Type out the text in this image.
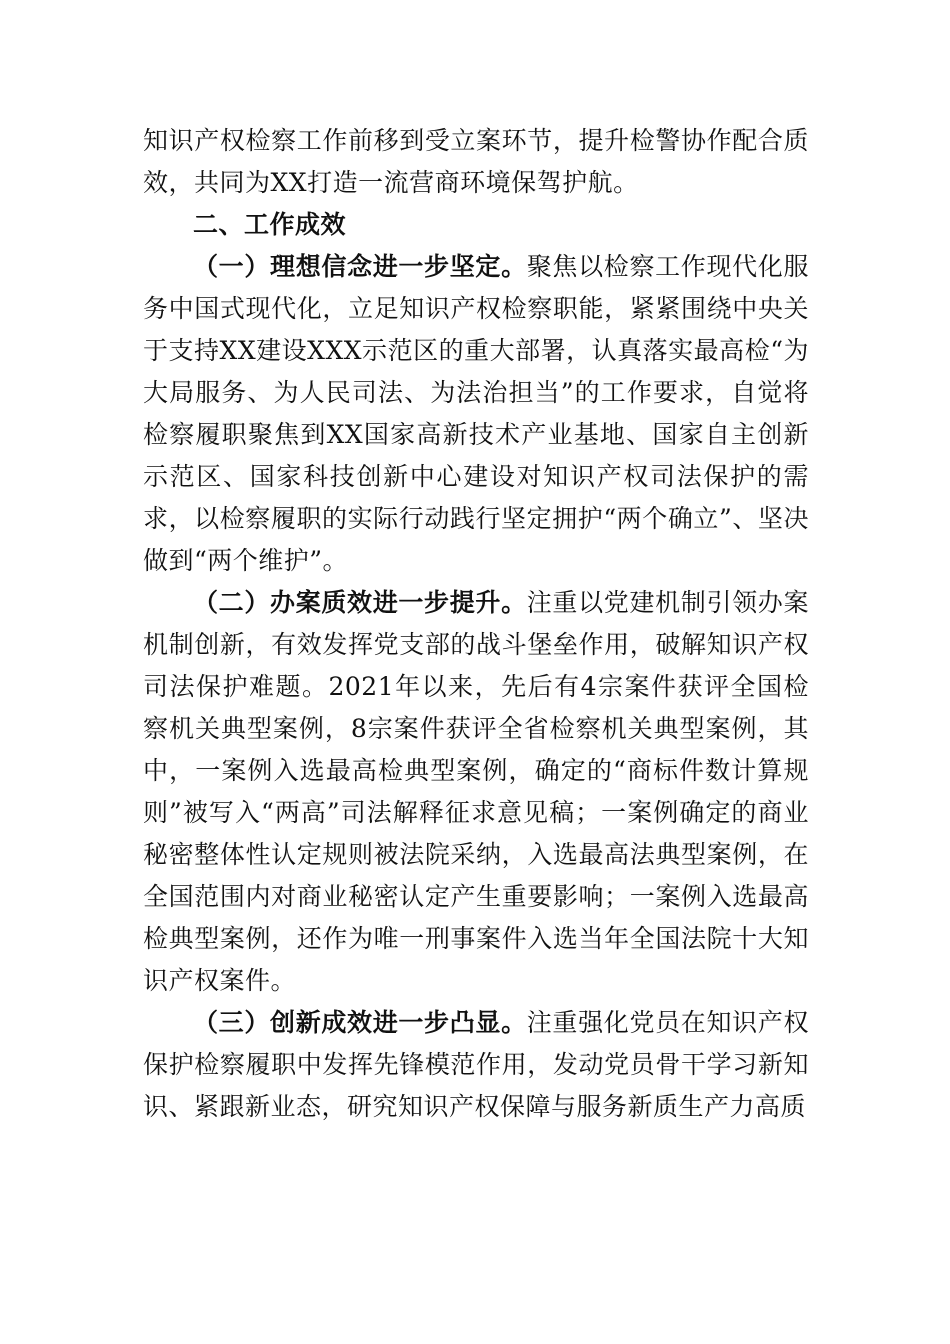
知识产权检察工作前移到受立案环节，提升检警协作配合质效，共同为XX打造一流营商环境保驾护航。

二、工作成效

（一）理想信念进一步坚定。聚焦以检察工作现代化服务中国式现代化，立足知识产权检察职能，紧紧围绕中央关于支持XX建设XXX示范区的重大部署，认真落实最高检“为大局服务、为人民司法、为法治担当”的工作要求，自觉将检察履职聚焦到XX国家高新技术产业基地、国家自主创新示范区、国家科技创新中心建设对知识产权司法保护的需求，以检察履职的实际行动践行坚定拥护“两个确立”、坚决做到“两个维护”。

（二）办案质效进一步提升。注重以党建机制引领办案机制创新，有效发挥党支部的战斗堡垒作用，破解知识产权司法保护难题。2021年以来，先后有4宗案件获评全国检察机关典型案例，8宗案件获评全省检察机关典型案例，其中，一案例入选最高检典型案例，确定的“商标件数计算规则”被写入“两高”司法解释征求意见稿；一案例确定的商业秘密整体性认定规则被法院采纳，入选最高法典型案例，在全国范围内对商业秘密认定产生重要影响；一案例入选最高检典型案例，还作为唯一刑事案件入选当年全国法院十大知识产权案件。

（三）创新成效进一步凸显。注重强化党员在知识产权保护检察履职中发挥先锋模范作用，发动党员骨干学习新知识、紧跟新业态，研究知识产权保障与服务新质生产力高质
